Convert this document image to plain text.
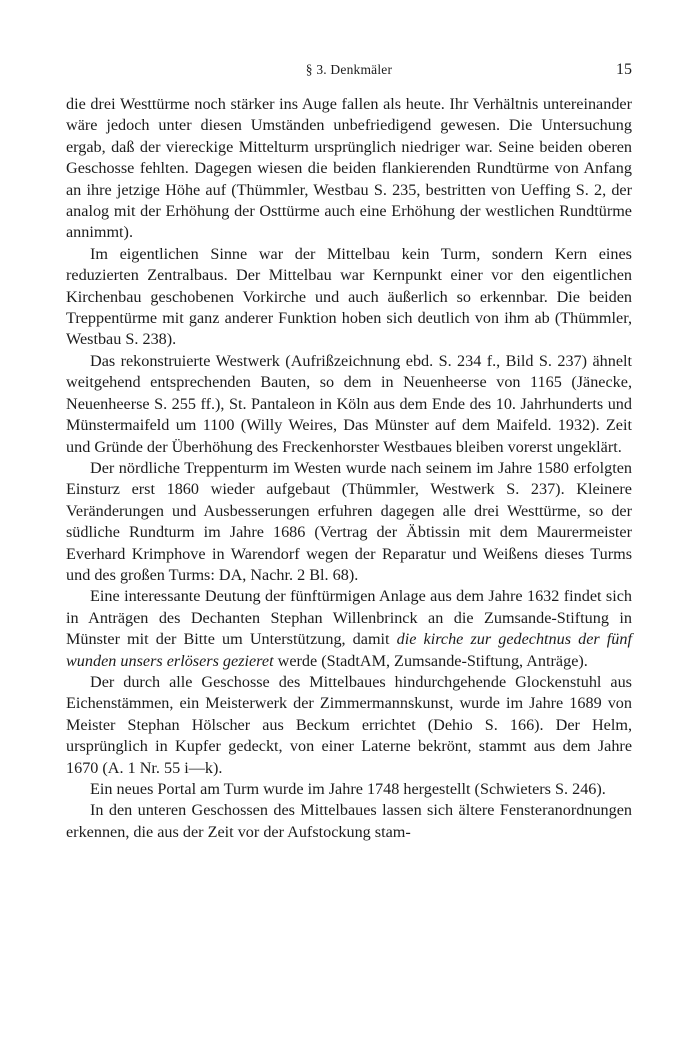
§ 3. Denkmäler	15

die drei Westtürme noch stärker ins Auge fallen als heute. Ihr Verhältnis untereinander wäre jedoch unter diesen Umständen unbefriedigend gewesen. Die Untersuchung ergab, daß der viereckige Mittelturm ursprünglich niedriger war. Seine beiden oberen Geschosse fehlten. Dagegen wiesen die beiden flankierenden Rundtürme von Anfang an ihre jetzige Höhe auf (Thümmler, Westbau S. 235, bestritten von Ueffing S. 2, der analog mit der Erhöhung der Osttürme auch eine Erhöhung der westlichen Rundtürme annimmt).

Im eigentlichen Sinne war der Mittelbau kein Turm, sondern Kern eines reduzierten Zentralbaus. Der Mittelbau war Kernpunkt einer vor den eigentlichen Kirchenbau geschobenen Vorkirche und auch äußerlich so erkennbar. Die beiden Treppentürme mit ganz anderer Funktion hoben sich deutlich von ihm ab (Thümmler, Westbau S. 238).

Das rekonstruierte Westwerk (Aufrißzeichnung ebd. S. 234 f., Bild S. 237) ähnelt weitgehend entsprechenden Bauten, so dem in Neuenheerse von 1165 (Jänecke, Neuenheerse S. 255 ff.), St. Pantaleon in Köln aus dem Ende des 10. Jahrhunderts und Münstermaifeld um 1100 (Willy Weires, Das Münster auf dem Maifeld. 1932). Zeit und Gründe der Überhöhung des Freckenhorster Westbaues bleiben vorerst ungeklärt.

Der nördliche Treppenturm im Westen wurde nach seinem im Jahre 1580 erfolgten Einsturz erst 1860 wieder aufgebaut (Thümmler, Westwerk S. 237). Kleinere Veränderungen und Ausbesserungen erfuhren dagegen alle drei Westtürme, so der südliche Rundturm im Jahre 1686 (Vertrag der Äbtissin mit dem Maurermeister Everhard Krimphove in Warendorf wegen der Reparatur und Weißens dieses Turms und des großen Turms: DA, Nachr. 2 Bl. 68).

Eine interessante Deutung der fünftürmigen Anlage aus dem Jahre 1632 findet sich in Anträgen des Dechanten Stephan Willenbrinck an die Zumsande-Stiftung in Münster mit der Bitte um Unterstützung, damit die kirche zur gedechtnus der fünf wunden unsers erlösers gezieret werde (StadtAM, Zumsande-Stiftung, Anträge).

Der durch alle Geschosse des Mittelbaues hindurchgehende Glockenstuhl aus Eichenstämmen, ein Meisterwerk der Zimmermannskunst, wurde im Jahre 1689 von Meister Stephan Hölscher aus Beckum errichtet (Dehio S. 166). Der Helm, ursprünglich in Kupfer gedeckt, von einer Laterne bekrönt, stammt aus dem Jahre 1670 (A. 1 Nr. 55 i—k).

Ein neues Portal am Turm wurde im Jahre 1748 hergestellt (Schwieters S. 246).

In den unteren Geschossen des Mittelbaues lassen sich ältere Fensteranordnungen erkennen, die aus der Zeit vor der Aufstockung stam-
